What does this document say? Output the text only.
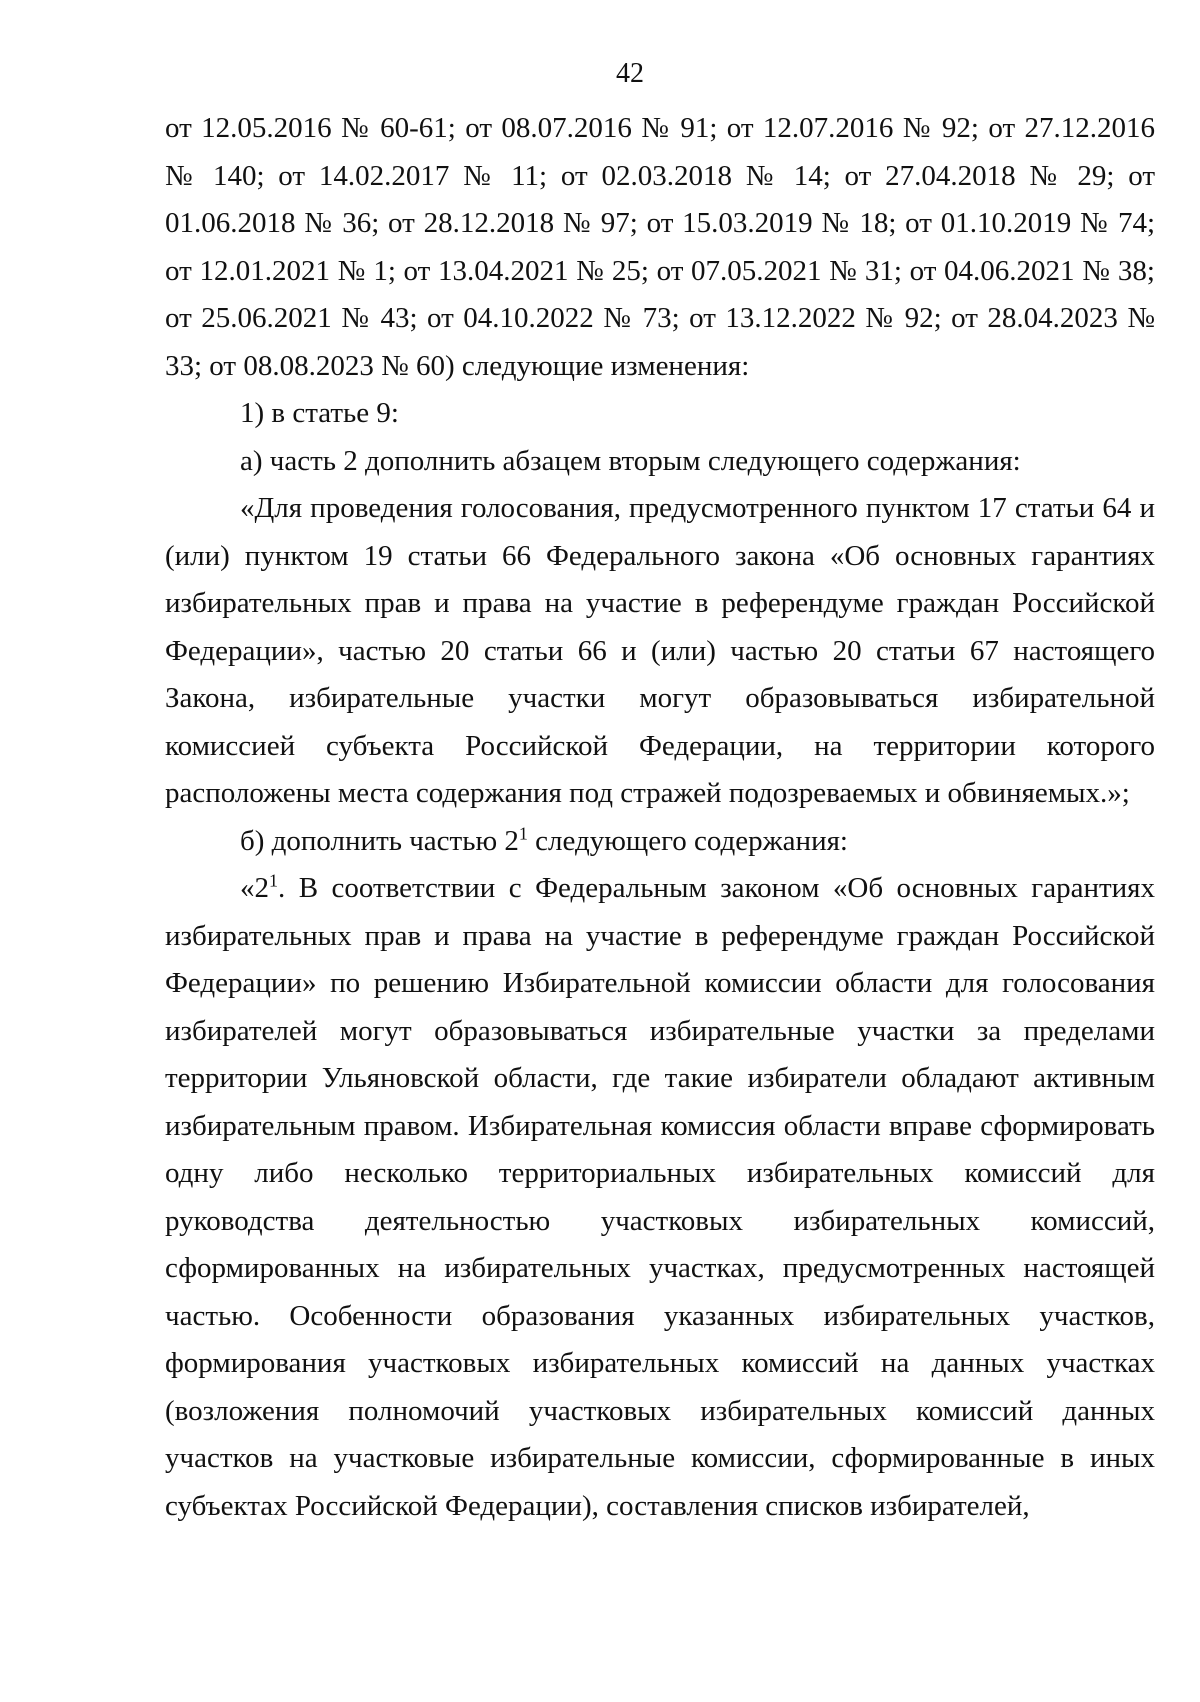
42

от 12.05.2016 № 60-61; от 08.07.2016 № 91; от 12.07.2016 № 92; от 27.12.2016 № 140; от 14.02.2017 № 11; от 02.03.2018 № 14; от 27.04.2018 № 29; от 01.06.2018 № 36; от 28.12.2018 № 97; от 15.03.2019 № 18; от 01.10.2019 № 74; от 12.01.2021 № 1; от 13.04.2021 № 25; от 07.05.2021 № 31; от 04.06.2021 № 38; от 25.06.2021 № 43; от 04.10.2022 № 73; от 13.12.2022 № 92; от 28.04.2023 № 33; от 08.08.2023 № 60) следующие изменения:

1) в статье 9:

а) часть 2 дополнить абзацем вторым следующего содержания:

«Для проведения голосования, предусмотренного пунктом 17 статьи 64 и (или) пунктом 19 статьи 66 Федерального закона «Об основных гарантиях избирательных прав и права на участие в референдуме граждан Российской Федерации», частью 20 статьи 66 и (или) частью 20 статьи 67 настоящего Закона, избирательные участки могут образовываться избирательной комиссией субъекта Российской Федерации, на территории которого расположены места содержания под стражей подозреваемых и обвиняемых.»;

б) дополнить частью $2^1$ следующего содержания:

«$2^1$. В соответствии с Федеральным законом «Об основных гарантиях избирательных прав и права на участие в референдуме граждан Российской Федерации» по решению Избирательной комиссии области для голосования избирателей могут образовываться избирательные участки за пределами территории Ульяновской области, где такие избиратели обладают активным избирательным правом. Избирательная комиссия области вправе сформировать одну либо несколько территориальных избирательных комиссий для руководства деятельностью участковых избирательных комиссий, сформированных на избирательных участках, предусмотренных настоящей частью. Особенности образования указанных избирательных участков, формирования участковых избирательных комиссий на данных участках (возложения полномочий участковых избирательных комиссий данных участков на участковые избирательные комиссии, сформированные в иных субъектах Российской Федерации), составления списков избирателей,
